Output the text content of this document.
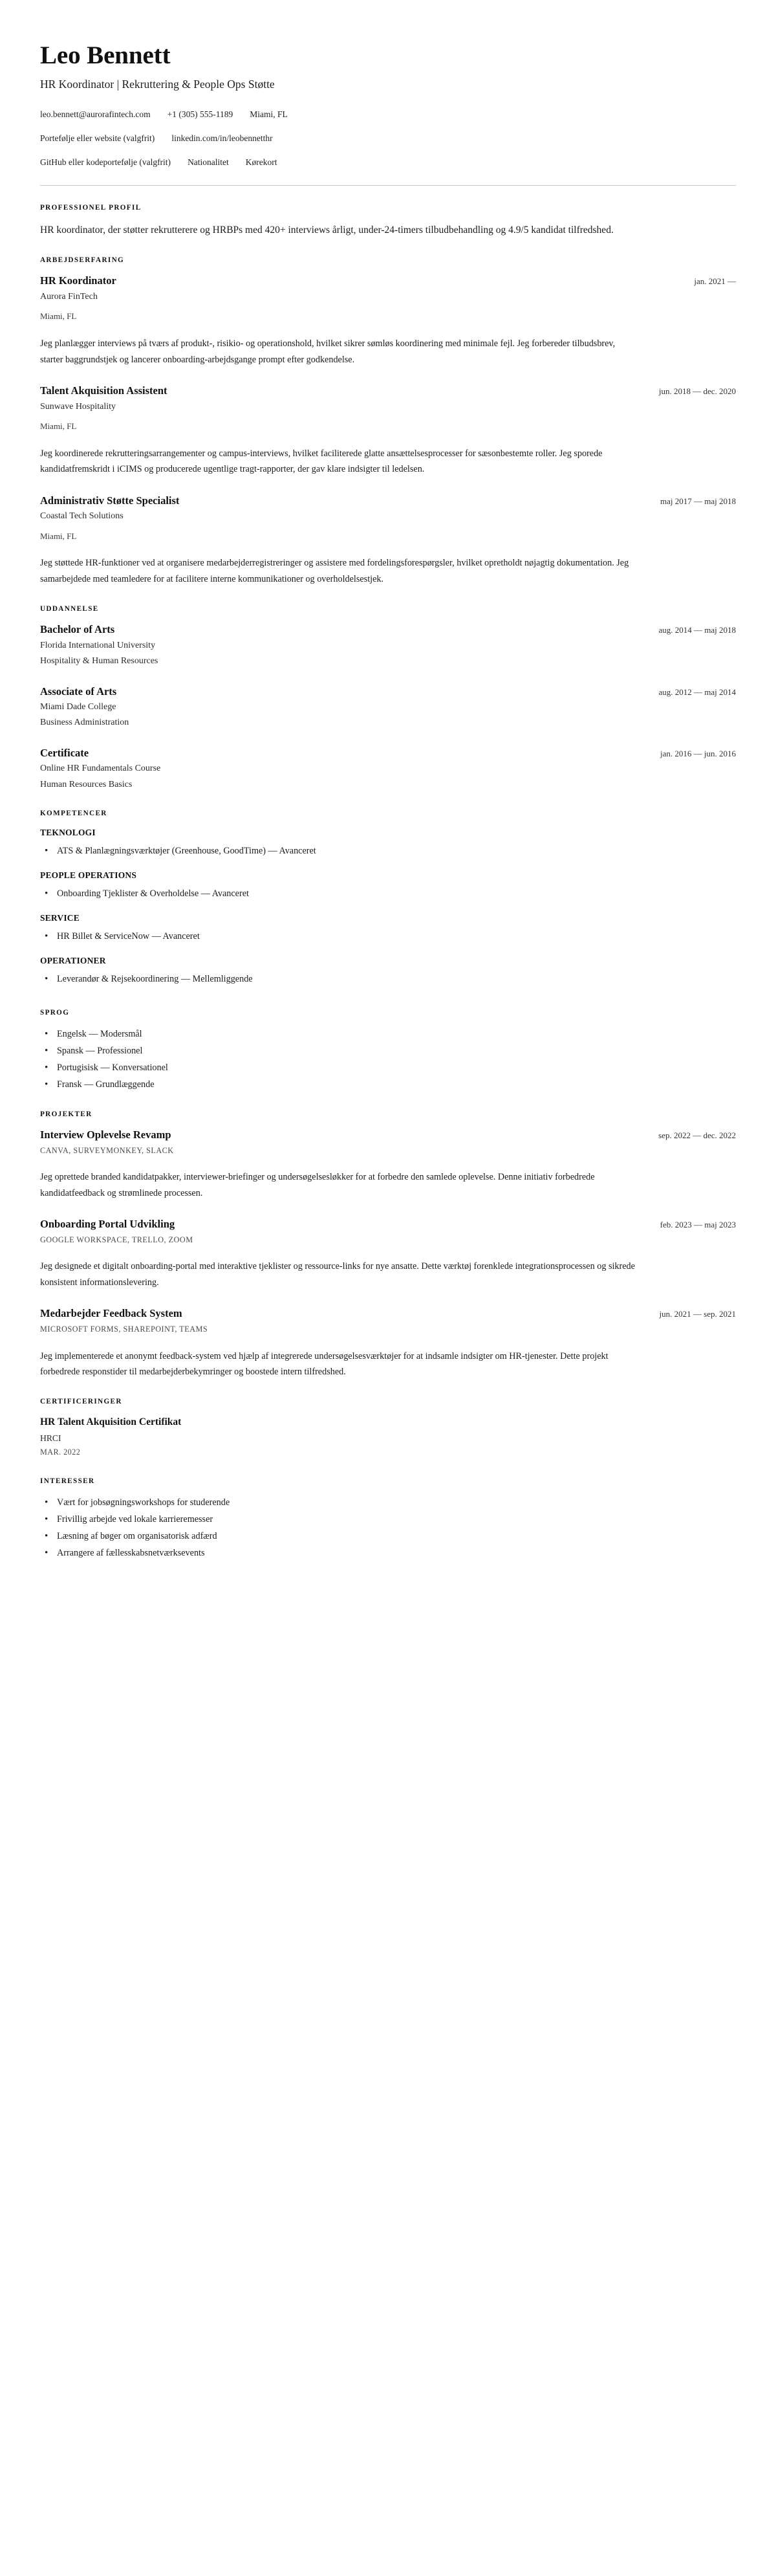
Leo Bennett

HR Koordinator | Rekruttering & People Ops Støtte

leo.bennett@aurorafintech.com +1 (305) 555-1189 Miami, FL
Portefølje eller website (valgfrit) linkedin.com/in/leobennetthr
GitHub eller kodeportefølje (valgfrit) Nationalitet Kørekort
PROFESSIONEL PROFIL

HR koordinator, der støtter rekrutterere og HRBPs med 420+ interviews årligt, under-24-timers tilbudbehandling og 4.9/5 kandidat tilfredshed.

ARBEJDSERFARING
HR Koordinator	jan. 2021 —

Aurora FinTech

Miami, FL

Jeg planlægger interviews på tværs af produkt-, risikio- og operationshold, hvilket sikrer sømløs koordinering med minimale fejl. Jeg forbereder tilbudsbrev, starter baggrundstjek og lancerer onboarding-arbejdsgange prompt efter godkendelse.

Talent Akquisition Assistent	jun. 2018 — dec. 2020

Sunwave Hospitality

Miami, FL

Jeg koordinerede rekrutteringsarrangementer og campus-interviews, hvilket faciliterede glatte ansættelsesprocesser for sæsonbestemte roller. Jeg sporede kandidatfremskridt i iCIMS og producerede ugentlige tragt-rapporter, der gav klare indsigter til ledelsen.

Administrativ Støtte Specialist	maj 2017 — maj 2018

Coastal Tech Solutions

Miami, FL

Jeg støttede HR-funktioner ved at organisere medarbejderregistreringer og assistere med fordelingsforespørgsler, hvilket opretholdt nøjagtig dokumentation. Jeg samarbejdede med teamledere for at facilitere interne kommunikationer og overholdelsestjek.

UDDANNELSE
Bachelor of Arts	aug. 2014 — maj 2018

Florida International University

Hospitality & Human Resources

Associate of Arts	aug. 2012 — maj 2014

Miami Dade College

Business Administration

Certificate	jan. 2016 — jun. 2016

Online HR Fundamentals Course

Human Resources Basics

KOMPETENCER
TEKNOLOGI
• ATS & Planlægningsværktøjer (Greenhouse, GoodTime) — Avanceret
PEOPLE OPERATIONS
• Onboarding Tjeklister & Overholdelse — Avanceret
SERVICE
• HR Billet & ServiceNow — Avanceret
OPERATIONER
• Leverandør & Rejsekoordinering — Mellemliggende
SPROG
• Engelsk — Modersmål
• Spansk — Professionel
• Portugisisk — Konversationel
• Fransk — Grundlæggende
PROJEKTER
Interview Oplevelse Revamp	sep. 2022 — dec. 2022

CANVA, SURVEYMONKEY, SLACK

Jeg oprettede branded kandidatpakker, interviewer-briefinger og undersøgelsesløkker for at forbedre den samlede oplevelse. Denne initiativ forbedrede kandidatfeedback og strømlinede processen.

Onboarding Portal Udvikling	feb. 2023 — maj 2023

GOOGLE WORKSPACE, TRELLO, ZOOM

Jeg designede et digitalt onboarding-portal med interaktive tjeklister og ressource-links for nye ansatte. Dette værktøj forenklede integrationsprocessen og sikrede konsistent informationslevering.

Medarbejder Feedback System	jun. 2021 — sep. 2021

MICROSOFT FORMS, SHAREPOINT, TEAMS

Jeg implementerede et anonymt feedback-system ved hjælp af integrerede undersøgelsesværktøjer for at indsamle indsigter om HR-tjenester. Dette projekt forbedrede responstider til medarbejderbekymringer og boostede intern tilfredshed.

CERTIFICERINGER
HR Talent Akquisition Certifikat

HRCI

MAR. 2022

INTERESSER
• Vært for jobsøgningsworkshops for studerende
• Frivillig arbejde ved lokale karrieremesser
• Læsning af bøger om organisatorisk adfærd
• Arrangere af fællesskabsnetværksevents
